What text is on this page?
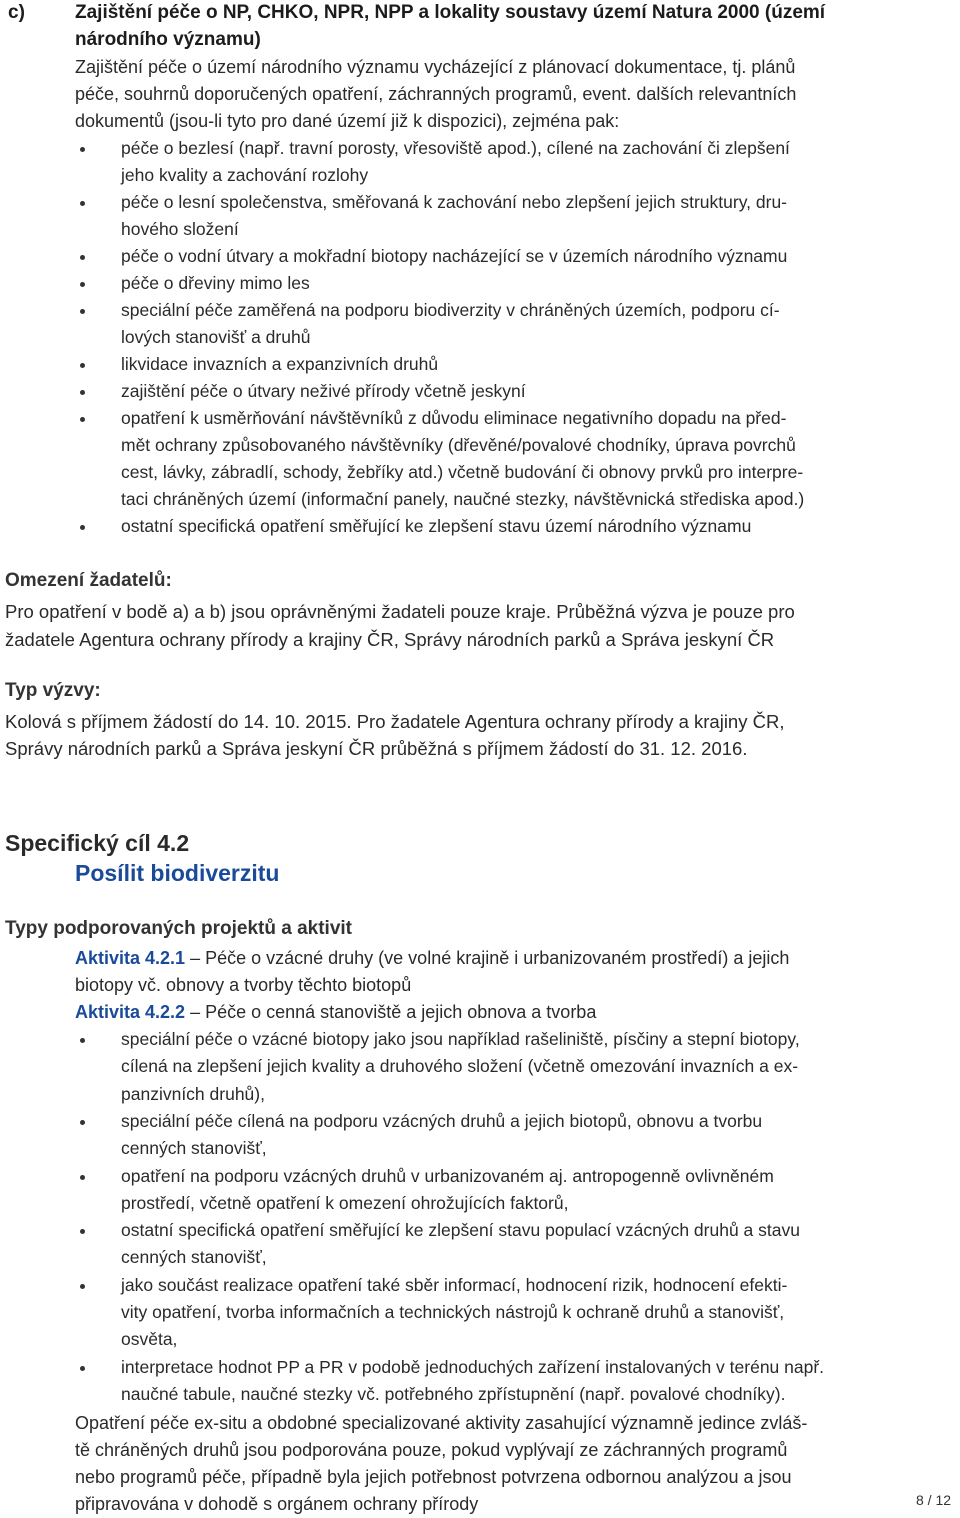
c)	Zajištění péče o NP, CHKO, NPR, NPP a lokality soustavy území Natura 2000 (území
národního významu)
Zajištění péče o území národního významu vycházející z plánovací dokumentace, tj. plánů
péče, souhrnů doporučených opatření, záchranných programů, event. dalších relevantních
dokumentů (jsou-li tyto pro dané území již k dispozici), zejména pak:
péče o bezlesí (např. travní porosty, vřesoviště apod.), cílené na zachování či zlepšení
jeho kvality a zachování rozlohy
péče o lesní společenstva, směřovaná k zachování nebo zlepšení jejich struktury, dru-
hového složení
péče o vodní útvary a mokřadní biotopy nacházející se v územích národního významu
péče o dřeviny mimo les
speciální péče zaměřená na podporu biodiverzity v chráněných územích, podporu cí-
lových stanovišť a druhů
likvidace invazních a expanzivních druhů
zajištění péče o útvary neživé přírody včetně jeskyní
opatření k usměrňování návštěvníků z důvodu eliminace negativního dopadu na před-
mět ochrany způsobovaného návštěvníky (dřevěné/povalové chodníky, úprava povrchů
cest, lávky, zábradlí, schody, žebříky atd.) včetně budování či obnovy prvků pro interpre-
taci chráněných území (informační panely, naučné stezky, návštěvnická střediska apod.)
ostatní specifická opatření směřující ke zlepšení stavu území národního významu
Omezení žadatelů:
Pro opatření v bodě a) a b) jsou oprávněnými žadateli pouze kraje. Průběžná výzva je pouze pro
žadatele Agentura ochrany přírody a krajiny ČR, Správy národních parků a Správa jeskyní ČR
Typ výzvy:
Kolová s příjmem žádostí do 14. 10. 2015. Pro žadatele Agentura ochrany přírody a krajiny ČR,
Správy národních parků a Správa jeskyní ČR průběžná s příjmem žádostí do 31. 12. 2016.
Specifický cíl 4.2
Posílit biodiverzitu
Typy podporovaných projektů a aktivit
Aktivita 4.2.1 – Péče o vzácné druhy (ve volné krajině i urbanizovaném prostředí) a jejich
biotopy vč. obnovy a tvorby těchto biotopů
Aktivita 4.2.2 – Péče o cenná stanoviště a jejich obnova a tvorba
speciální péče o vzácné biotopy jako jsou například rašeliniště, písčiny a stepní biotopy,
cílená na zlepšení jejich kvality a druhového složení (včetně omezování invazních a ex-
panzivních druhů),
speciální péče cílená na podporu vzácných druhů a jejich biotopů, obnovu a tvorbu
cenných stanovišť,
opatření na podporu vzácných druhů v urbanizovaném aj. antropogenně ovlivněném
prostředí, včetně opatření k omezení ohrožujících faktorů,
ostatní specifická opatření směřující ke zlepšení stavu populací vzácných druhů a stavu
cenných stanovišť,
jako součást realizace opatření také sběr informací, hodnocení rizik, hodnocení efekti-
vity opatření, tvorba informačních a technických nástrojů k ochraně druhů a stanovišť,
osvěta,
interpretace hodnot PP a PR v podobě jednoduchých zařízení instalovaných v terénu např.
naučné tabule, naučné stezky vč. potřebného zpřístupnění (např. povalové chodníky).
Opatření péče ex-situ a obdobné specializované aktivity zasahující významně jedince zvláš-
tě chráněných druhů jsou podporována pouze, pokud vyplývají ze záchranných programů
nebo programů péče, případně byla jejich potřebnost potvrzena odbornou analýzou a jsou
připravována v dohodě s orgánem ochrany přírody	8 / 12
